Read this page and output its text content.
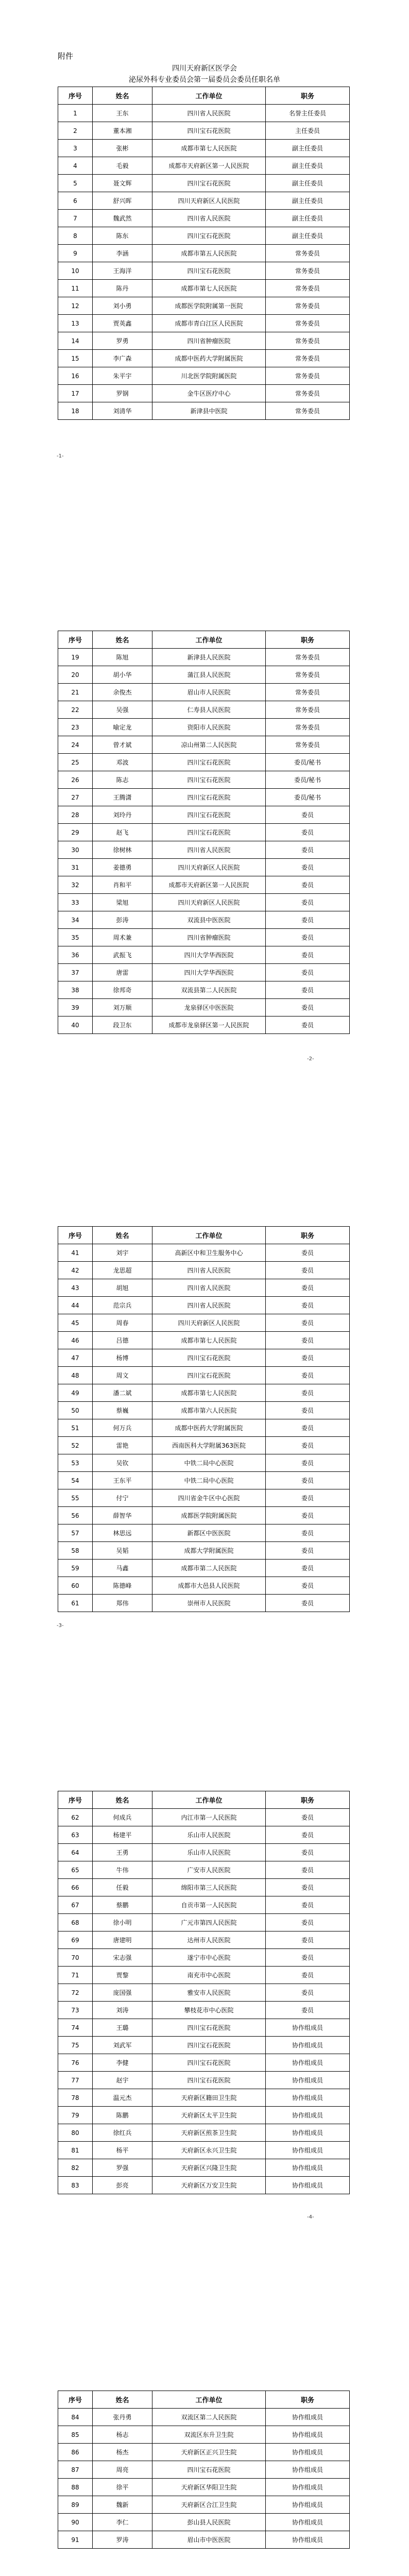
附件
四川天府新区医学会
泌尿外科专业委员会第一届委员会委员任职名单
序号	姓名	工作单位	职务
1	王东	四川省人民医院	名誉主任委员
2	董本湘	四川宝石花医院	主任委员
3	张彬	成都市第七人民医院	副主任委员
4	毛毅	成都市天府新区第一人民医院	副主任委员
5	聂文辉	四川宝石花医院	副主任委员
6	舒兴晖	四川天府新区人民医院	副主任委员
7	魏武然	四川省人民医院	副主任委员
8	陈东	四川宝石花医院	副主任委员
9	李涵	成都市第五人民医院	常务委员
10	王海洋	四川宝石花医院	常务委员
11	陈丹	成都市第七人民医院	常务委员
12	刘小勇	成都医学院附属第一医院	常务委员
13	贾英鑫	成都市青白江区人民医院	常务委员
14	罗勇	四川省肿瘤医院	常务委员
15	李广森	成都中医药大学附属医院	常务委员
16	朱平宇	川北医学院附属医院	常务委员
17	罗钢	金牛区医疗中心	常务委员
18	刘清华	新津县中医院	常务委员
-1-
序号	姓名	工作单位	职务
19	陈旭	新津县人民医院	常务委员
20	胡小华	蒲江县人民医院	常务委员
21	余俊杰	眉山市人民医院	常务委员
22	吴强	仁寿县人民医院	常务委员
23	喻定龙	资阳市人民医院	常务委员
24	曾才斌	凉山州第二人民医院	常务委员
25	邓波	四川宝石花医院	委员/秘书
26	陈志	四川宝石花医院	委员/秘书
27	王腾潇	四川宝石花医院	委员/秘书
28	刘玲丹	四川宝石花医院	委员
29	赵飞	四川宝石花医院	委员
30	徐树林	四川省人民医院	委员
31	姜德勇	四川天府新区人民医院	委员
32	肖和平	成都市天府新区第一人民医院	委员
33	梁旭	四川天府新区人民医院	委员
34	彭涛	双流县中医医院	委员
35	周术兼	四川省肿瘤医院	委员
36	武振飞	四川大学华西医院	委员
37	唐雷	四川大学华西医院	委员
38	徐邦奇	双流县第二人民医院	委员
39	刘万顺	龙泉驿区中医医院	委员
40	段卫东	成都市龙泉驿区第一人民医院	委员
-2-
序号	姓名	工作单位	职务
41	刘宇	高新区中和卫生服务中心	委员
42	龙思超	四川省人民医院	委员
43	胡旭	四川省人民医院	委员
44	范宗兵	四川省人民医院	委员
45	周春	四川天府新区人民医院	委员
46	吕德	成都市第七人民医院	委员
47	杨博	四川宝石花医院	委员
48	周文	四川宝石花医院	委员
49	潘二斌	成都市第七人民医院	委员
50	蔡巍	成都市第六人民医院	委员
51	何万兵	成都中医药大学附属医院	委员
52	雷艳	西南医科大学附属363医院	委员
53	吴钦	中铁二局中心医院	委员
54	王东平	中铁二局中心医院	委员
55	付宁	四川省金牛区中心医院	委员
56	薛智华	成都医学院附属医院	委员
57	林思远	新都区中医医院	委员
58	吴韬	成都大学附属医院	委员
59	马鑫	成都市第二人民医院	委员
60	陈德峰	成都市大邑县人民医院	委员
61	郑伟	崇州市人民医院	委员
-3-
序号	姓名	工作单位	职务
62	何成兵	内江市第一人民医院	委员
63	杨建平	乐山市人民医院	委员
64	王勇	乐山市人民医院	委员
65	牛伟	广安市人民医院	委员
66	任毅	绵阳市第三人民医院	委员
67	蔡鹏	自贡市第一人民医院	委员
68	徐小明	广元市第四人民医院	委员
69	唐建明	达州市人民医院	委员
70	宋志强	遂宁市中心医院	委员
71	贾黎	南充市中心医院	委员
72	庞国强	雅安市人民医院	委员
73	刘涛	攀枝花市中心医院	委员
74	王璐	四川宝石花医院	协作组成员
75	刘武军	四川宝石花医院	协作组成员
76	李健	四川宝石花医院	协作组成员
77	赵宇	四川宝石花医院	协作组成员
78	温元杰	天府新区籍田卫生院	协作组成员
79	陈鹏	天府新区太平卫生院	协作组成员
80	徐红兵	天府新区煎茶卫生院	协作组成员
81	杨平	天府新区永兴卫生院	协作组成员
82	罗强	天府新区兴隆卫生院	协作组成员
83	彭亮	天府新区万安卫生院	协作组成员
-4-
序号	姓名	工作单位	职务
84	张丹勇	双流区第二人民医院	协作组成员
85	杨志	双流区东升卫生院	协作组成员
86	杨杰	天府新区正兴卫生院	协作组成员
87	周亮	四川宝石花医院	协作组成员
88	徐平	天府新区华阳卫生院	协作组成员
89	魏新	天府新区合江卫生院	协作组成员
90	李仁	彭山县人民医院	协作组成员
91	罗涛	眉山市中医医院	协作组成员
